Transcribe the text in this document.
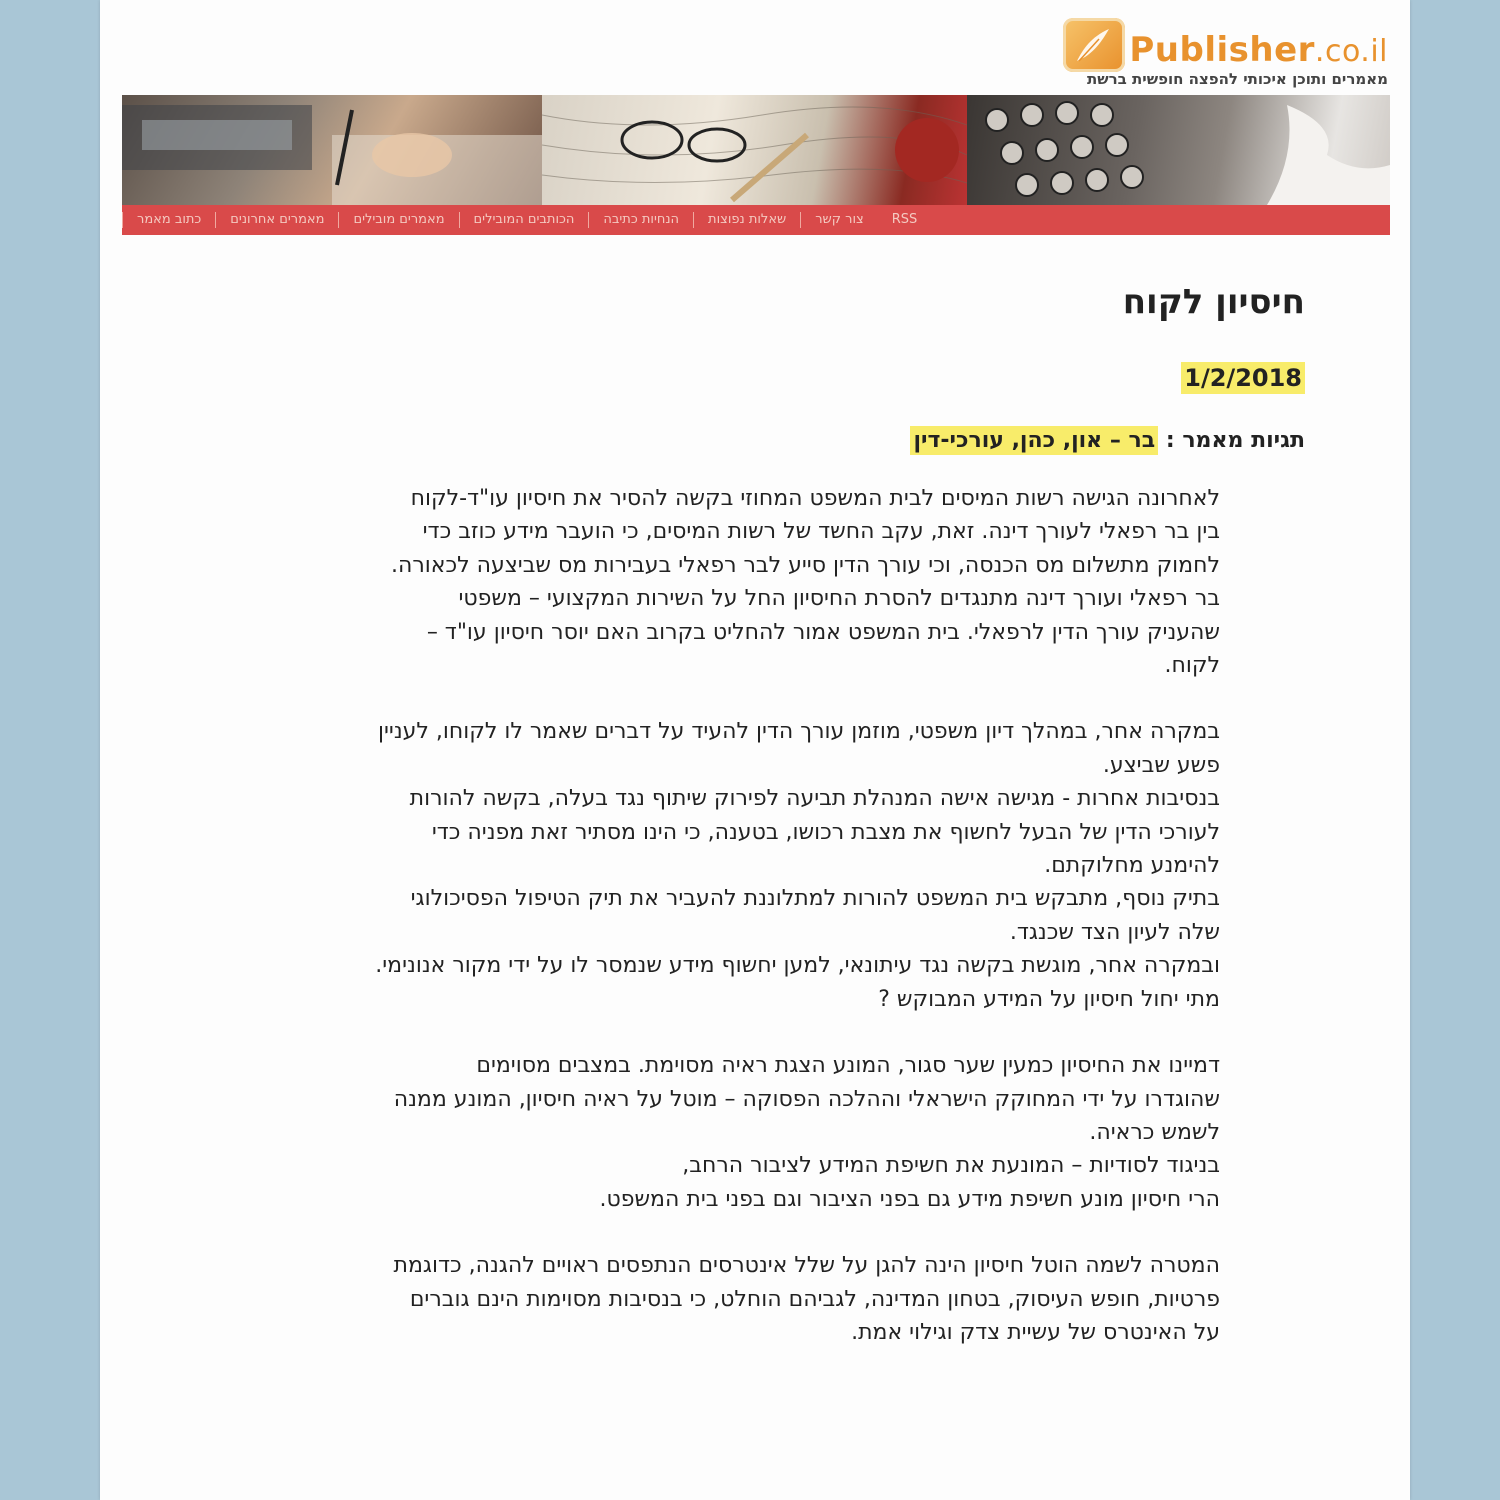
Publisher.co.il
מאמרים ותוכן איכותי להפצה חופשית ברשת
כתוב מאמר	מאמרים אחרונים	מאמרים מובילים	הכותבים המובילים	הנחיות כתיבה	שאלות נפוצות	צור קשר	RSS
חיסיון לקוח
1/2/2018
תגיות מאמר : בר – און, כהן, עורכי-דין

לאחרונה הגישה רשות המיסים לבית המשפט המחוזי בקשה להסיר את חיסיון עו"ד-לקוח
בין בר רפאלי לעורך דינה. זאת, עקב החשד של רשות המיסים, כי הועבר מידע כוזב כדי
לחמוק מתשלום מס הכנסה, וכי עורך הדין סייע לבר רפאלי בעבירות מס שביצעה לכאורה.
בר רפאלי ועורך דינה מתנגדים להסרת החיסיון החל על השירות המקצועי – משפטי
שהעניק עורך הדין לרפאלי. בית המשפט אמור להחליט בקרוב האם יוסר חיסיון עו"ד –
לקוח.

במקרה אחר, במהלך דיון משפטי, מוזמן עורך הדין להעיד על דברים שאמר לו לקוחו, לעניין
פשע שביצע.
בנסיבות אחרות - מגישה אישה המנהלת תביעה לפירוק שיתוף נגד בעלה, בקשה להורות
לעורכי הדין של הבעל לחשוף את מצבת רכושו, בטענה, כי הינו מסתיר זאת מפניה כדי
להימנע מחלוקתם.
בתיק נוסף, מתבקש בית המשפט להורות למתלוננת להעביר את תיק הטיפול הפסיכולוגי
שלה לעיון הצד שכנגד.
ובמקרה אחר, מוגשת בקשה נגד עיתונאי, למען יחשוף מידע שנמסר לו על ידי מקור אנונימי.
מתי יחול חיסיון על המידע המבוקש ?

דמיינו את החיסיון כמעין שער סגור, המונע הצגת ראיה מסוימת. במצבים מסוימים
שהוגדרו על ידי המחוקק הישראלי וההלכה הפסוקה – מוטל על ראיה חיסיון, המונע ממנה
לשמש כראיה.
בניגוד לסודיות – המונעת את חשיפת המידע לציבור הרחב,
הרי חיסיון מונע חשיפת מידע גם בפני הציבור וגם בפני בית המשפט.

המטרה לשמה הוטל חיסיון הינה להגן על שלל אינטרסים הנתפסים ראויים להגנה, כדוגמת
פרטיות, חופש העיסוק, בטחון המדינה, לגביהם הוחלט, כי בנסיבות מסוימות הינם גוברים
על האינטרס של עשיית צדק וגילוי אמת.
